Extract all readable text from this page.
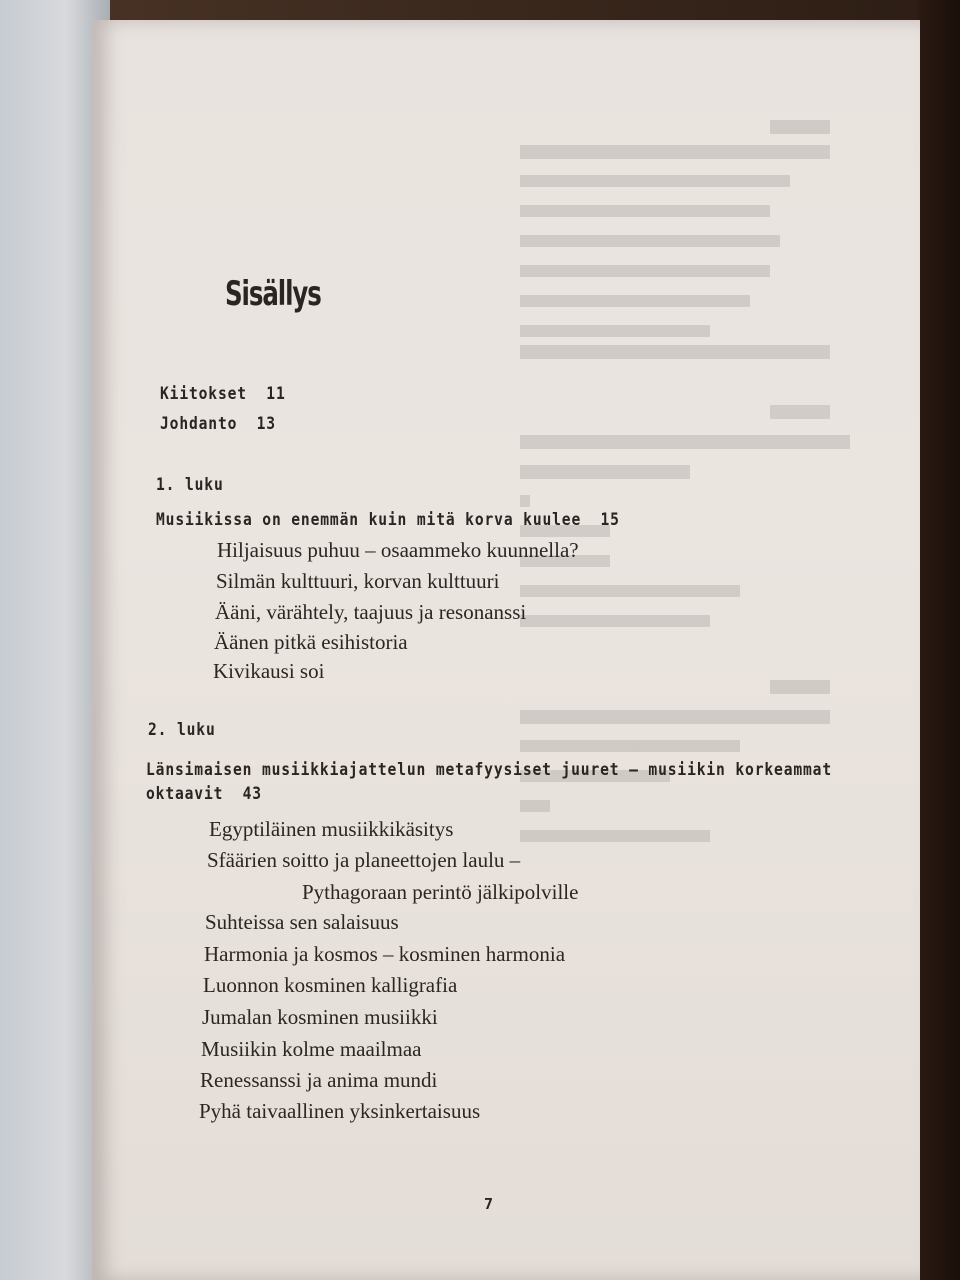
Sisällys
Kiitokset 11
Johdanto 13
1. luku
Musiikissa on enemmän kuin mitä korva kuulee 15
Hiljaisuus puhuu – osaammeko kuunnella?
Silmän kulttuuri, korvan kulttuuri
Ääni, värähtely, taajuus ja resonanssi
Äänen pitkä esihistoria
Kivikausi soi
2. luku
Länsimaisen musiikkiajattelun metafyysiset juuret – musiikin korkeammat
oktaavit 43
Egyptiläinen musiikkikäsitys
Sfäärien soitto ja planeettojen laulu –
Pythagoraan perintö jälkipolville
Suhteissa sen salaisuus
Harmonia ja kosmos – kosminen harmonia
Luonnon kosminen kalligrafia
Jumalan kosminen musiikki
Musiikin kolme maailmaa
Renessanssi ja anima mundi
Pyhä taivaallinen yksinkertaisuus
7
